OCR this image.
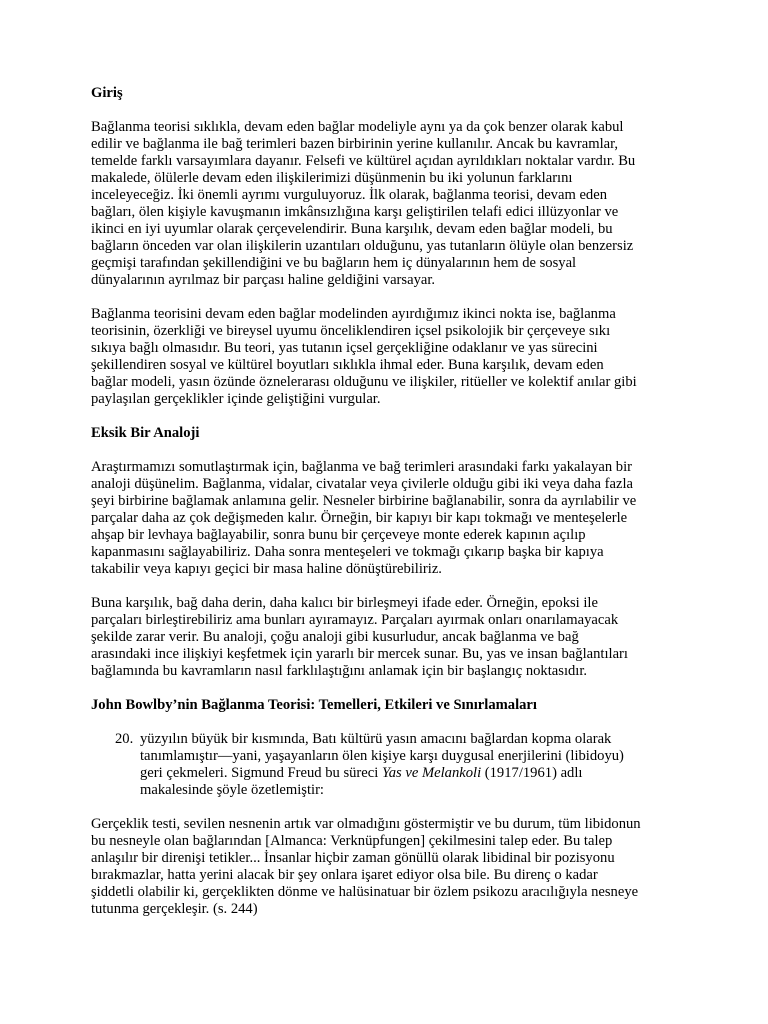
Giriş

Bağlanma teorisi sıklıkla, devam eden bağlar modeliyle aynı ya da çok benzer olarak kabul
edilir ve bağlanma ile bağ terimleri bazen birbirinin yerine kullanılır. Ancak bu kavramlar,
temelde farklı varsayımlara dayanır. Felsefi ve kültürel açıdan ayrıldıkları noktalar vardır. Bu
makalede, ölülerle devam eden ilişkilerimizi düşünmenin bu iki yolunun farklarını
inceleyeceğiz. İki önemli ayrımı vurguluyoruz. İlk olarak, bağlanma teorisi, devam eden
bağları, ölen kişiyle kavuşmanın imkânsızlığına karşı geliştirilen telafi edici illüzyonlar ve
ikinci en iyi uyumlar olarak çerçevelendirir. Buna karşılık, devam eden bağlar modeli, bu
bağların önceden var olan ilişkilerin uzantıları olduğunu, yas tutanların ölüyle olan benzersiz
geçmişi tarafından şekillendiğini ve bu bağların hem iç dünyalarının hem de sosyal
dünyalarının ayrılmaz bir parçası haline geldiğini varsayar.

Bağlanma teorisini devam eden bağlar modelinden ayırdığımız ikinci nokta ise, bağlanma
teorisinin, özerkliği ve bireysel uyumu önceliklendiren içsel psikolojik bir çerçeveye sıkı
sıkıya bağlı olmasıdır. Bu teori, yas tutanın içsel gerçekliğine odaklanır ve yas sürecini
şekillendiren sosyal ve kültürel boyutları sıklıkla ihmal eder. Buna karşılık, devam eden
bağlar modeli, yasın özünde öznelerarası olduğunu ve ilişkiler, ritüeller ve kolektif anılar gibi
paylaşılan gerçeklikler içinde geliştiğini vurgular.

Eksik Bir Analoji

Araştırmamızı somutlaştırmak için, bağlanma ve bağ terimleri arasındaki farkı yakalayan bir
analoji düşünelim. Bağlanma, vidalar, civatalar veya çivilerle olduğu gibi iki veya daha fazla
şeyi birbirine bağlamak anlamına gelir. Nesneler birbirine bağlanabilir, sonra da ayrılabilir ve
parçalar daha az çok değişmeden kalır. Örneğin, bir kapıyı bir kapı tokmağı ve menteşelerle
ahşap bir levhaya bağlayabilir, sonra bunu bir çerçeveye monte ederek kapının açılıp
kapanmasını sağlayabiliriz. Daha sonra menteşeleri ve tokmağı çıkarıp başka bir kapıya
takabilir veya kapıyı geçici bir masa haline dönüştürebiliriz.

Buna karşılık, bağ daha derin, daha kalıcı bir birleşmeyi ifade eder. Örneğin, epoksi ile
parçaları birleştirebiliriz ama bunları ayıramayız. Parçaları ayırmak onları onarılamayacak
şekilde zarar verir. Bu analoji, çoğu analoji gibi kusurludur, ancak bağlanma ve bağ
arasındaki ince ilişkiyi keşfetmek için yararlı bir mercek sunar. Bu, yas ve insan bağlantıları
bağlamında bu kavramların nasıl farklılaştığını anlamak için bir başlangıç noktasıdır.

John Bowlby’nin Bağlanma Teorisi: Temelleri, Etkileri ve Sınırlamaları

20. yüzyılın büyük bir kısmında, Batı kültürü yasın amacını bağlardan kopma olarak
tanımlamıştır—yani, yaşayanların ölen kişiye karşı duygusal enerjilerini (libidoyu)
geri çekmeleri. Sigmund Freud bu süreci Yas ve Melankoli (1917/1961) adlı
makalesinde şöyle özetlemiştir:

Gerçeklik testi, sevilen nesnenin artık var olmadığını göstermiştir ve bu durum, tüm libidonun
bu nesneyle olan bağlarından [Almanca: Verknüpfungen] çekilmesini talep eder. Bu talep
anlaşılır bir direnişi tetikler... İnsanlar hiçbir zaman gönüllü olarak libidinal bir pozisyonu
bırakmazlar, hatta yerini alacak bir şey onlara işaret ediyor olsa bile. Bu direnç o kadar
şiddetli olabilir ki, gerçeklikten dönme ve halüsinatuar bir özlem psikozu aracılığıyla nesneye
tutunma gerçekleşir. (s. 244)
